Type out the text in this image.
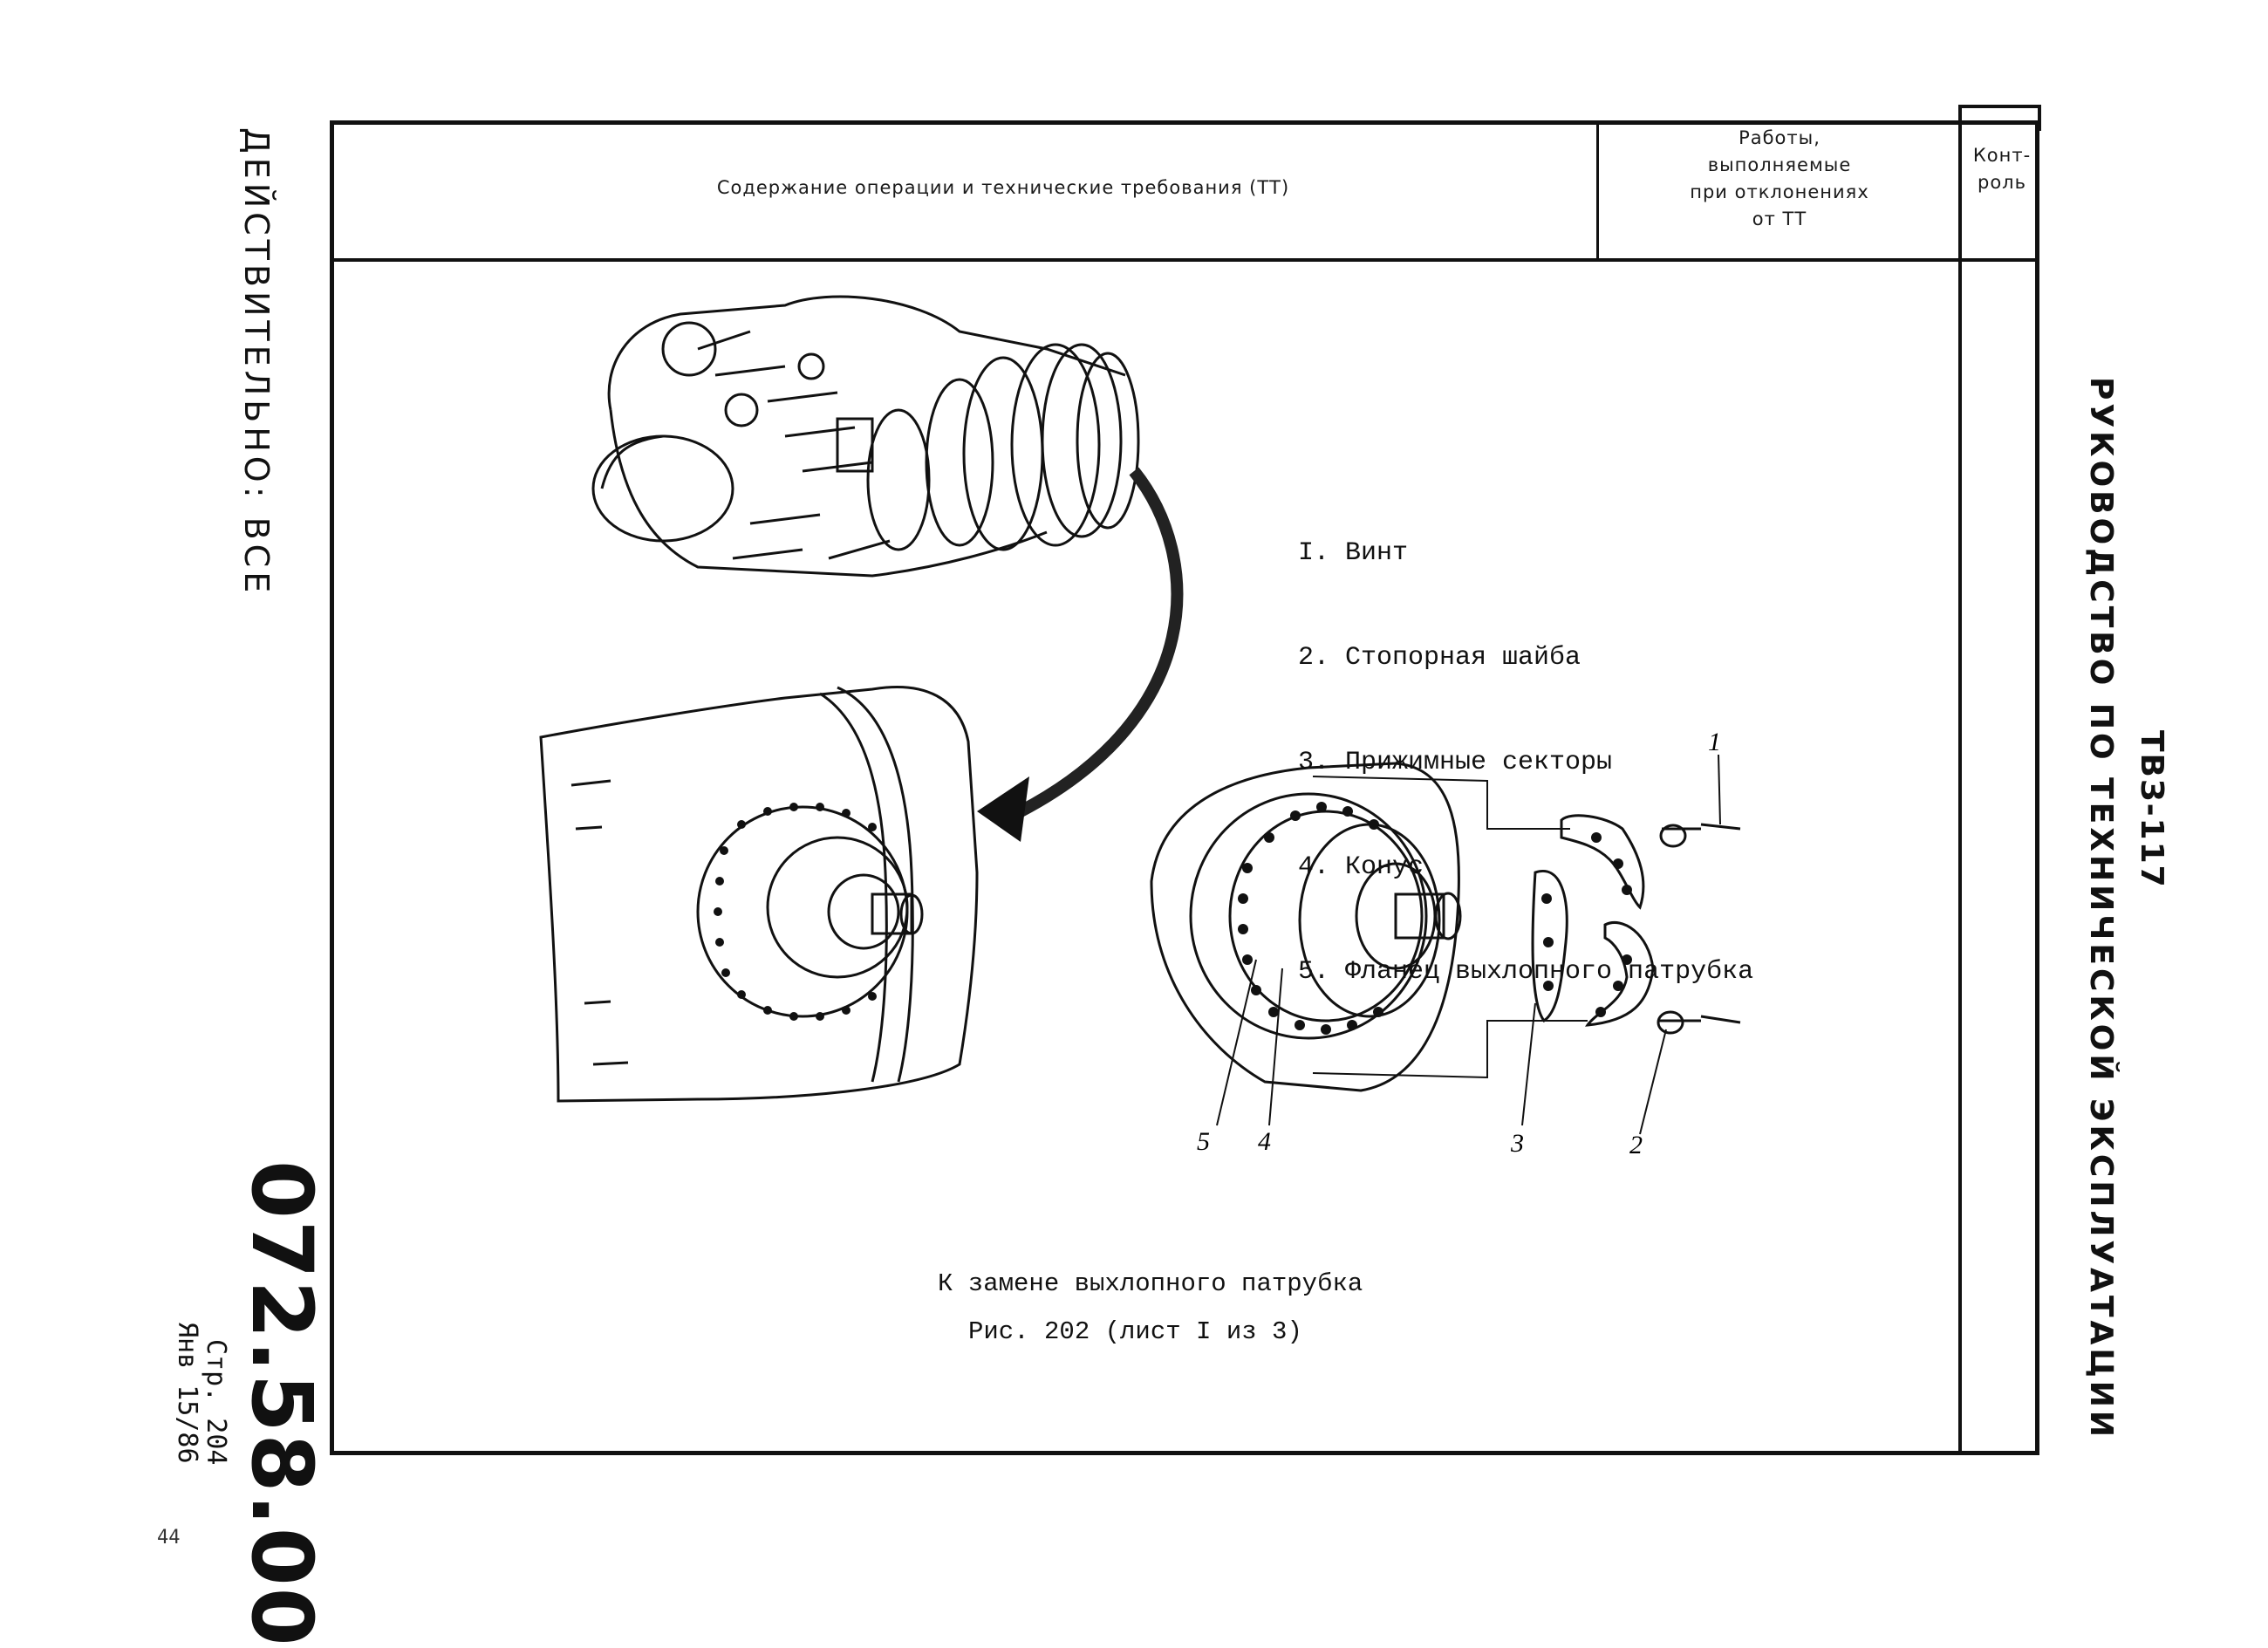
Содержание операции и технические требования (ТТ)
Работы,
выполняемые
при отклонениях
от ТТ
Конт-
роль
ДЕЙСТВИТЕЛЬНО: ВСЕ
072.58.00
Стр. 204
Янв 15/86
44
ТВЗ-117
РУКОВОДСТВО ПО ТЕХНИЧЕСКОЙ ЭКСПЛУАТАЦИИ
1
2
3
4
5

I. Винт

2. Стопорная шайба

3. Прижимные секторы

4. Конус

5. Фланец выхлопного патрубка

К замене выхлопного патрубка
Рис. 202 (лист I из 3)
